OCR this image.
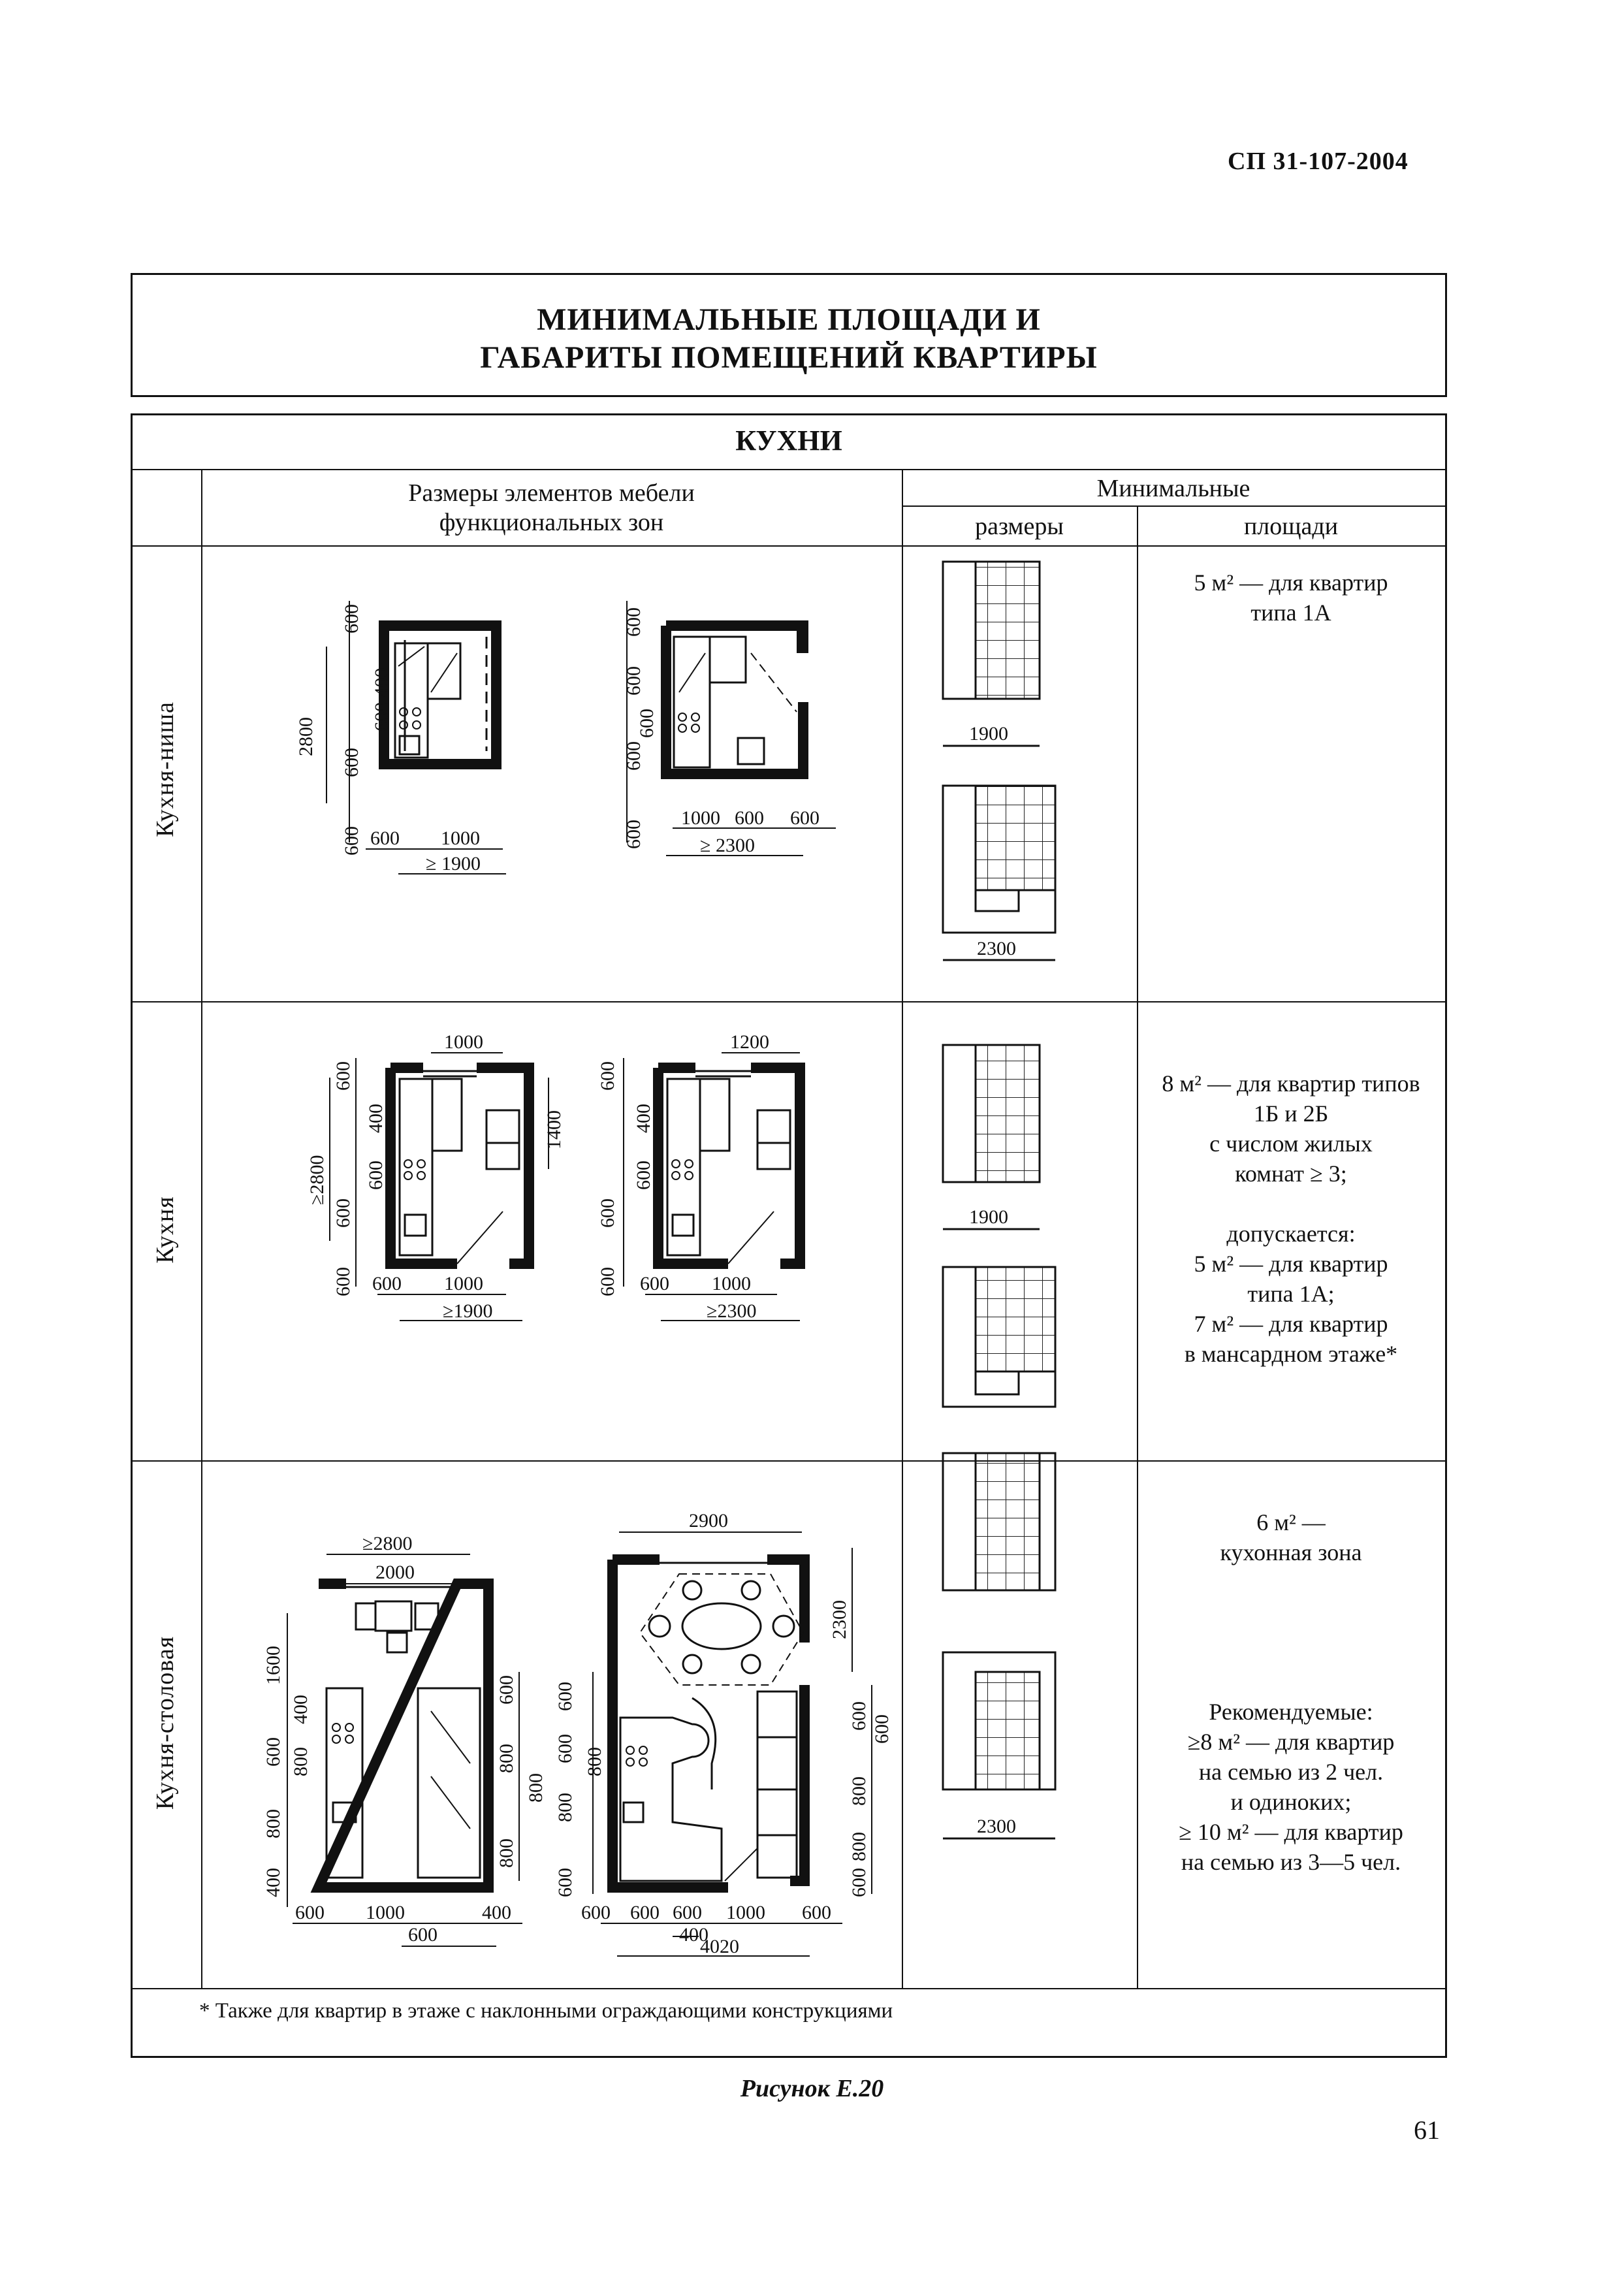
СП 31-107-2004
МИНИМАЛЬНЫЕ ПЛОЩАДИ И
ГАБАРИТЫ ПОМЕЩЕНИЙ КВАРТИРЫ
КУХНИ
Размеры элементов мебели
функциональных зон
Минимальные
размеры	площади
Кухня-ниша
Кухня
Кухня-столовая
5 м² — для квартир
типа 1А
8 м² — для квартир типов
1Б и 2Б
с числом жилых
комнат ≥ 3;
допускается:
5 м² — для квартир
типа 1А;
7 м² — для квартир
в мансардном этаже*
6 м² —
кухонная зона
Рекомендуемые:
≥8 м² — для квартир
на семью из 2 чел.
и одиноких;
≥ 10 м² — для квартир
на семью из 3—5 чел.
* Также для квартир в этаже с наклонными ограждающими конструкциями
600
600 400
600
600
2800
600 1000
≥ 1900
600
600
600
600
600
1000 600 600
≥ 2300
1900
2300
1000
600
400
600
600
600
≥2800
1400
600 1000
≥1900
1200
600
400
600
600
600 600 1000
≥2300
1900
≥2800
2000
1600
400
600 800
800
400
600
800
800
800
600 1000	400
600
2900
2300
600
600 800
800
600
600 600
800
800
600
600 600 600
400
1000 600
4020
2300
Рисунок Е.20
61
